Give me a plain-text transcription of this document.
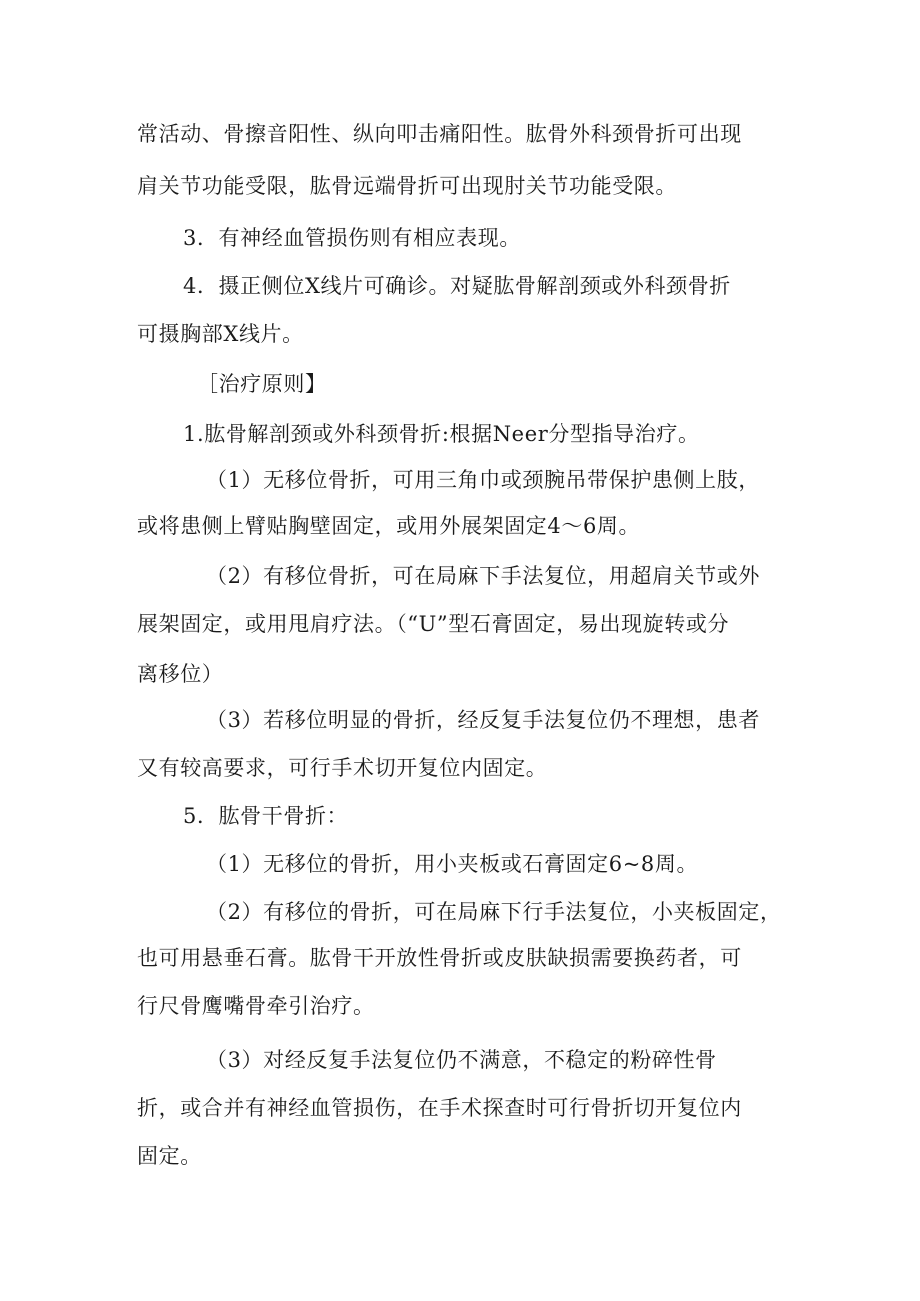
常活动、骨擦音阳性、纵向叩击痛阳性。肱骨外科颈骨折可出现
肩关节功能受限，肱骨远端骨折可出现肘关节功能受限。
3．有神经血管损伤则有相应表现。
4．摄正侧位X线片可确诊。对疑肱骨解剖颈或外科颈骨折
可摄胸部X线片。
［治疗原则】
1.肱骨解剖颈或外科颈骨折:根据Neer分型指导治疗。
（1）无移位骨折，可用三角巾或颈腕吊带保护患侧上肢，
或将患侧上臂贴胸壁固定，或用外展架固定4〜6周。
（2）有移位骨折，可在局麻下手法复位，用超肩关节或外
展架固定，或用甩肩疗法。（“U”型石膏固定，易出现旋转或分
离移位）
（3）若移位明显的骨折，经反复手法复位仍不理想，患者
又有较高要求，可行手术切开复位内固定。
5．肱骨干骨折：
（1）无移位的骨折，用小夹板或石膏固定6~8周。
（2）有移位的骨折，可在局麻下行手法复位，小夹板固定，
也可用悬垂石膏。肱骨干开放性骨折或皮肤缺损需要换药者，可
行尺骨鹰嘴骨牵引治疗。
（3）对经反复手法复位仍不满意，不稳定的粉碎性骨
折，或合并有神经血管损伤，在手术探查时可行骨折切开复位内
固定。
